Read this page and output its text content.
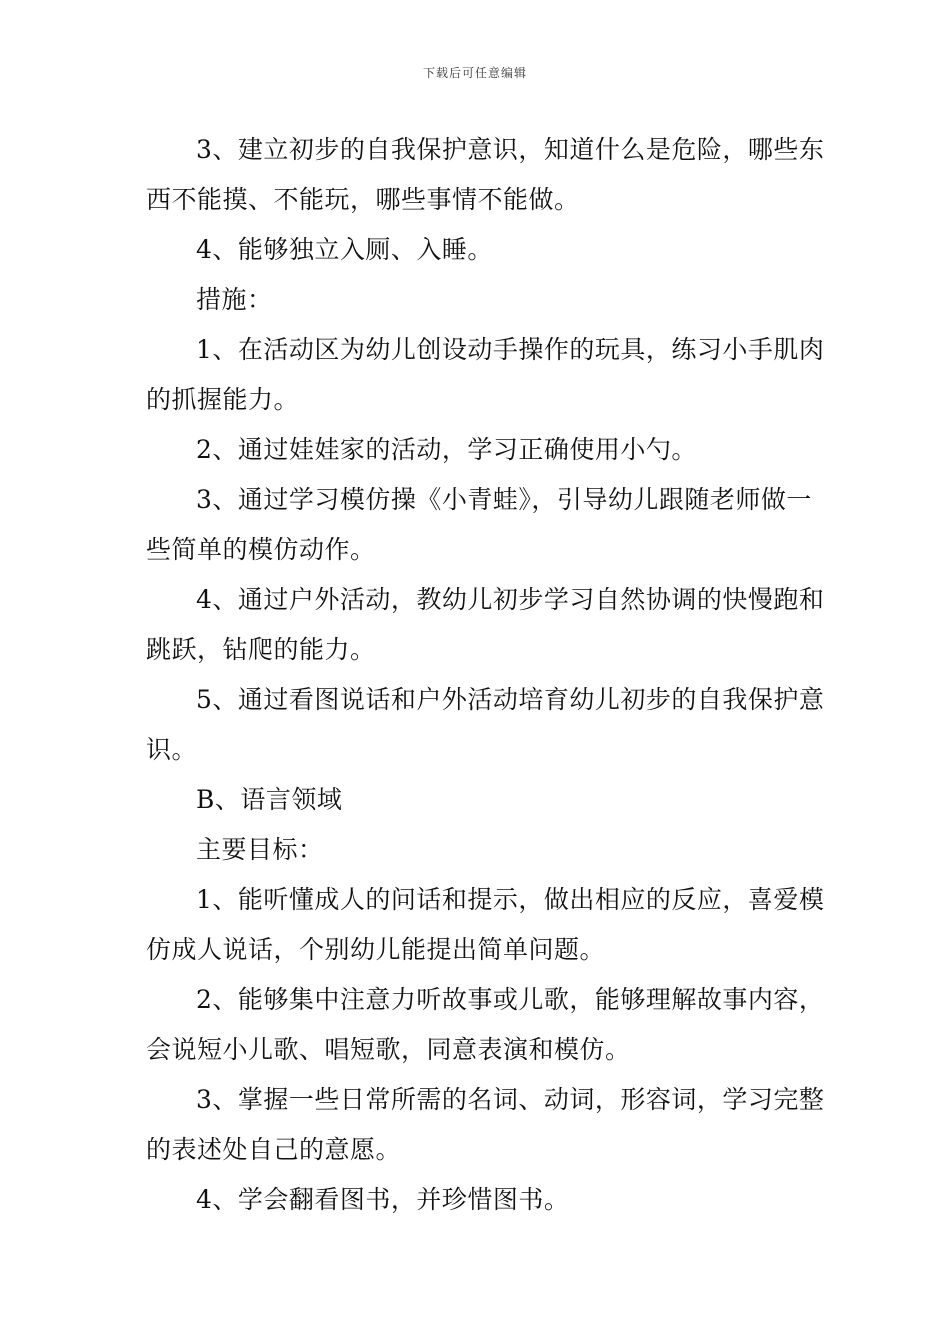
下载后可任意编辑

3、建立初步的自我保护意识，知道什么是危险，哪些东西不能摸、不能玩，哪些事情不能做。

4、能够独立入厕、入睡。

措施：

1、在活动区为幼儿创设动手操作的玩具，练习小手肌肉的抓握能力。

2、通过娃娃家的活动，学习正确使用小勺。

3、通过学习模仿操《小青蛙》，引导幼儿跟随老师做一些简单的模仿动作。

4、通过户外活动，教幼儿初步学习自然协调的快慢跑和跳跃，钻爬的能力。

5、通过看图说话和户外活动培育幼儿初步的自我保护意识。

B、语言领域

主要目标：

1、能听懂成人的问话和提示，做出相应的反应，喜爱模仿成人说话，个别幼儿能提出简单问题。

2、能够集中注意力听故事或儿歌，能够理解故事内容，会说短小儿歌、唱短歌，同意表演和模仿。

3、掌握一些日常所需的名词、动词，形容词，学习完整的表述处自己的意愿。

4、学会翻看图书，并珍惜图书。
